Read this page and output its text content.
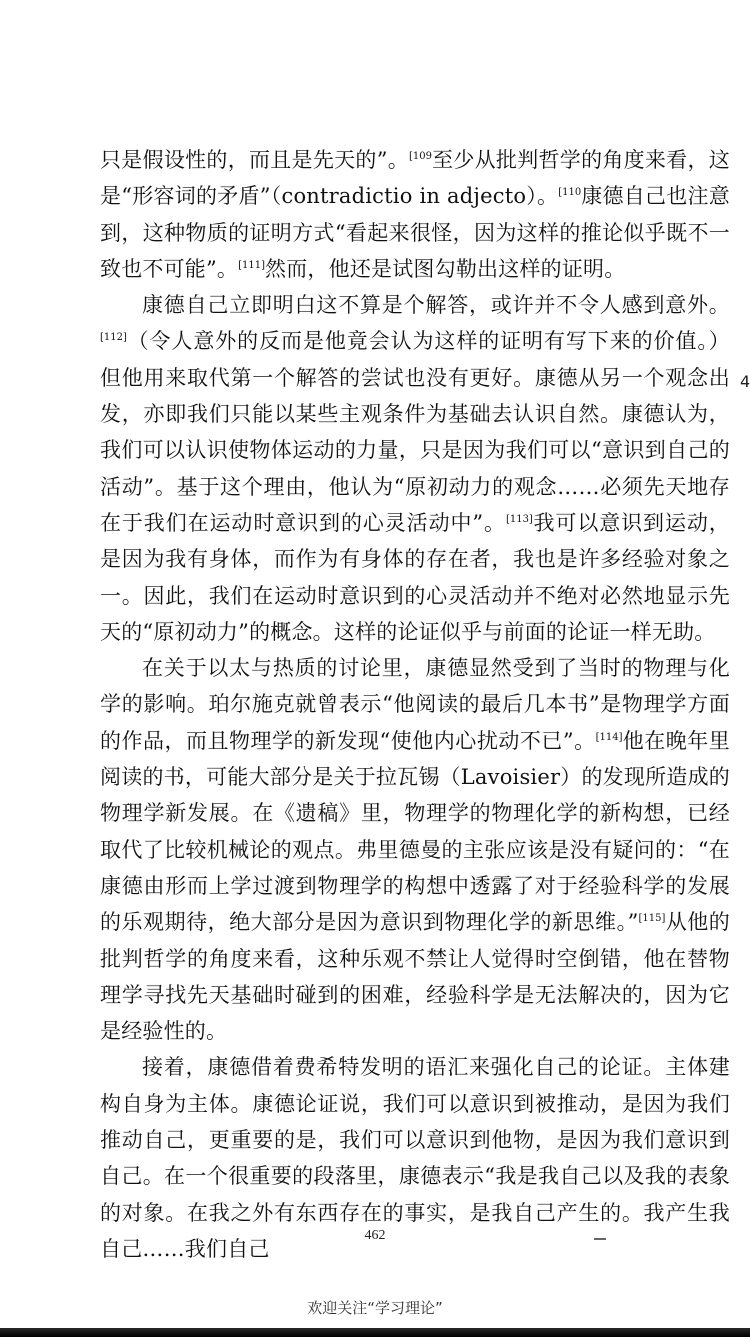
只是假设性的，而且是先天的”。$^{[109}$至少从批判哲学的角度来看，这是“形容词的矛盾”（contradictio in adjecto）。$^{[110}$康德自己也注意到，这种物质的证明方式“看起来很怪，因为这样的推论似乎既不一致也不可能”。[111]然而，他还是试图勾勒出这样的证明。

康德自己立即明白这不算是个解答，或许并不令人感到意外。[112]（令人意外的反而是他竟会认为这样的证明有写下来的价值。）但他用来取代第一个解答的尝试也没有更好。康德从另一个观念出发，亦即我们只能以某些主观条件为基础去认识自然。康德认为，我们可以认识使物体运动的力量，只是因为我们可以“意识到自己的活动”。基于这个理由，他认为“原初动力的观念……必须先天地存在于我们在运动时意识到的心灵活动中”。[113]我可以意识到运动，是因为我有身体，而作为有身体的存在者，我也是许多经验对象之一。因此，我们在运动时意识到的心灵活动并不绝对必然地显示先天的“原初动力”的概念。这样的论证似乎与前面的论证一样无助。

在关于以太与热质的讨论里，康德显然受到了当时的物理与化学的影响。珀尔施克就曾表示“他阅读的最后几本书”是物理学方面的作品，而且物理学的新发现“使他内心扰动不已”。[114]他在晚年里阅读的书，可能大部分是关于拉瓦锡（Lavoisier）的发现所造成的物理学新发展。在《遗稿》里，物理学的物理化学的新构想，已经取代了比较机械论的观点。弗里德曼的主张应该是没有疑问的：“在康德由形而上学过渡到物理学的构想中透露了对于经验科学的发展的乐观期待，绝大部分是因为意识到物理化学的新思维。”[115]从他的批判哲学的角度来看，这种乐观不禁让人觉得时空倒错，他在替物理学寻找先天基础时碰到的困难，经验科学是无法解决的，因为它是经验性的。

接着，康德借着费希特发明的语汇来强化自己的论证。主体建构自身为主体。康德论证说，我们可以意识到被推动，是因为我们推动自己，更重要的是，我们可以意识到他物，是因为我们意识到自己。在一个很重要的段落里，康德表示“我是我自己以及我的表象的对象。在我之外有东西存在的事实，是我自己产生的。我产生我自己……我们自己

4
462
欢迎关注“学习理论”
